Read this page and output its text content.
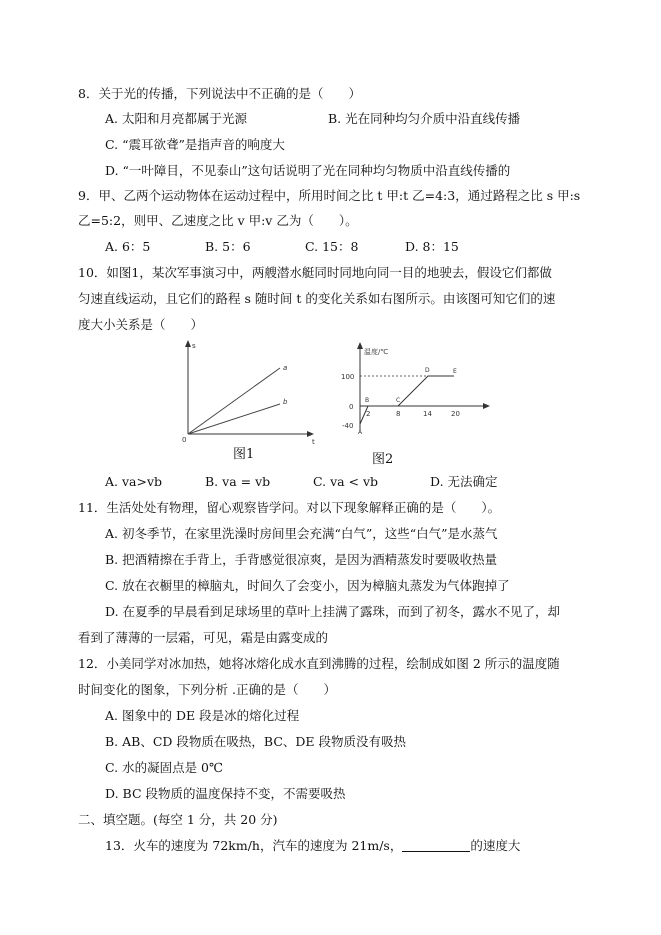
8．关于光的传播，下列说法中不正确的是（　　）
A. 太阳和月亮都属于光源	B. 光在同种均匀介质中沿直线传播
C. “震耳欲聋”是指声音的响度大
D. “一叶障目，不见泰山”这句话说明了光在同种均匀物质中沿直线传播的
9．甲、乙两个运动物体在运动过程中，所用时间之比 t 甲:t 乙=4:3，通过路程之比 s 甲:s
乙=5:2，则甲、乙速度之比 v 甲:v 乙为（　　）。
A. 6：5	B. 5：6	C. 15：8	D. 8：15
10．如图1，某次军事演习中，两艘潜水艇同时同地向同一目的地驶去，假设它们都做
匀速直线运动，且它们的路程 s 随时间 t 的变化关系如右图所示。由该图可知它们的速
度大小关系是（　　）
s
t
0
a
b
图1
温度/℃
100
0
-40
2	8	14	20
A
B	C
D	E
图2
A. va>vb	B. va = vb	C. va < vb	D. 无法确定
11．生活处处有物理，留心观察皆学问。对以下现象解释正确的是（　　）。
A. 初冬季节，在家里洗澡时房间里会充满“白气”，这些“白气”是水蒸气
B. 把酒精擦在手背上，手背感觉很凉爽，是因为酒精蒸发时要吸收热量
C. 放在衣橱里的樟脑丸，时间久了会变小，因为樟脑丸蒸发为气体跑掉了
D. 在夏季的早晨看到足球场里的草叶上挂满了露珠，而到了初冬，露水不见了，却
看到了薄薄的一层霜，可见，霜是由露变成的
12．小美同学对冰加热，她将冰熔化成水直到沸腾的过程，绘制成如图 2 所示的温度随
时间变化的图象，下列分析 .正确的是（　　）
A. 图象中的 DE 段是冰的熔化过程
B. AB、CD 段物质在吸热，BC、DE 段物质没有吸热
C. 水的凝固点是 0℃
D. BC 段物质的温度保持不变，不需要吸热
二、填空题。(每空 1 分，共 20 分)
13．火车的速度为 72km/h，汽车的速度为 21m/s，	的速度大
